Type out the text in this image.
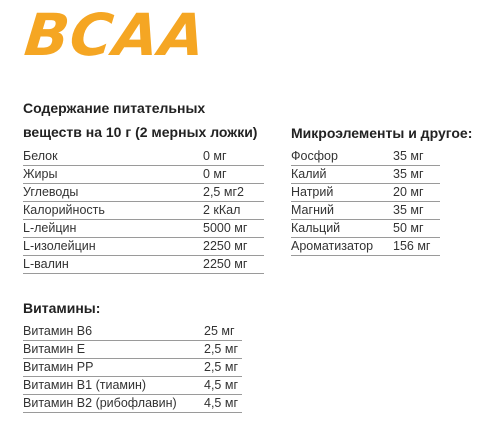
BCAA
Содержание питательных
веществ на 10 г (2 мерных ложки)
Белок	0 мг
Жиры	0 мг
Углеводы	2,5 мг2
Калорийность	2 кКал
L-лейцин	5000 мг
L-изолейцин	2250 мг
L-валин	2250 мг
Микроэлементы и другое:
Фосфор	35 мг
Калий	35 мг
Натрий	20 мг
Магний	35 мг
Кальций	50 мг
Ароматизатор 156 мг
Витамины:
Витамин B6	25 мг
Витамин E	2,5 мг
Витамин PP	2,5 мг
Витамин B1 (тиамин)	4,5 мг
Витамин B2 (рибофлавин) 4,5 мг
